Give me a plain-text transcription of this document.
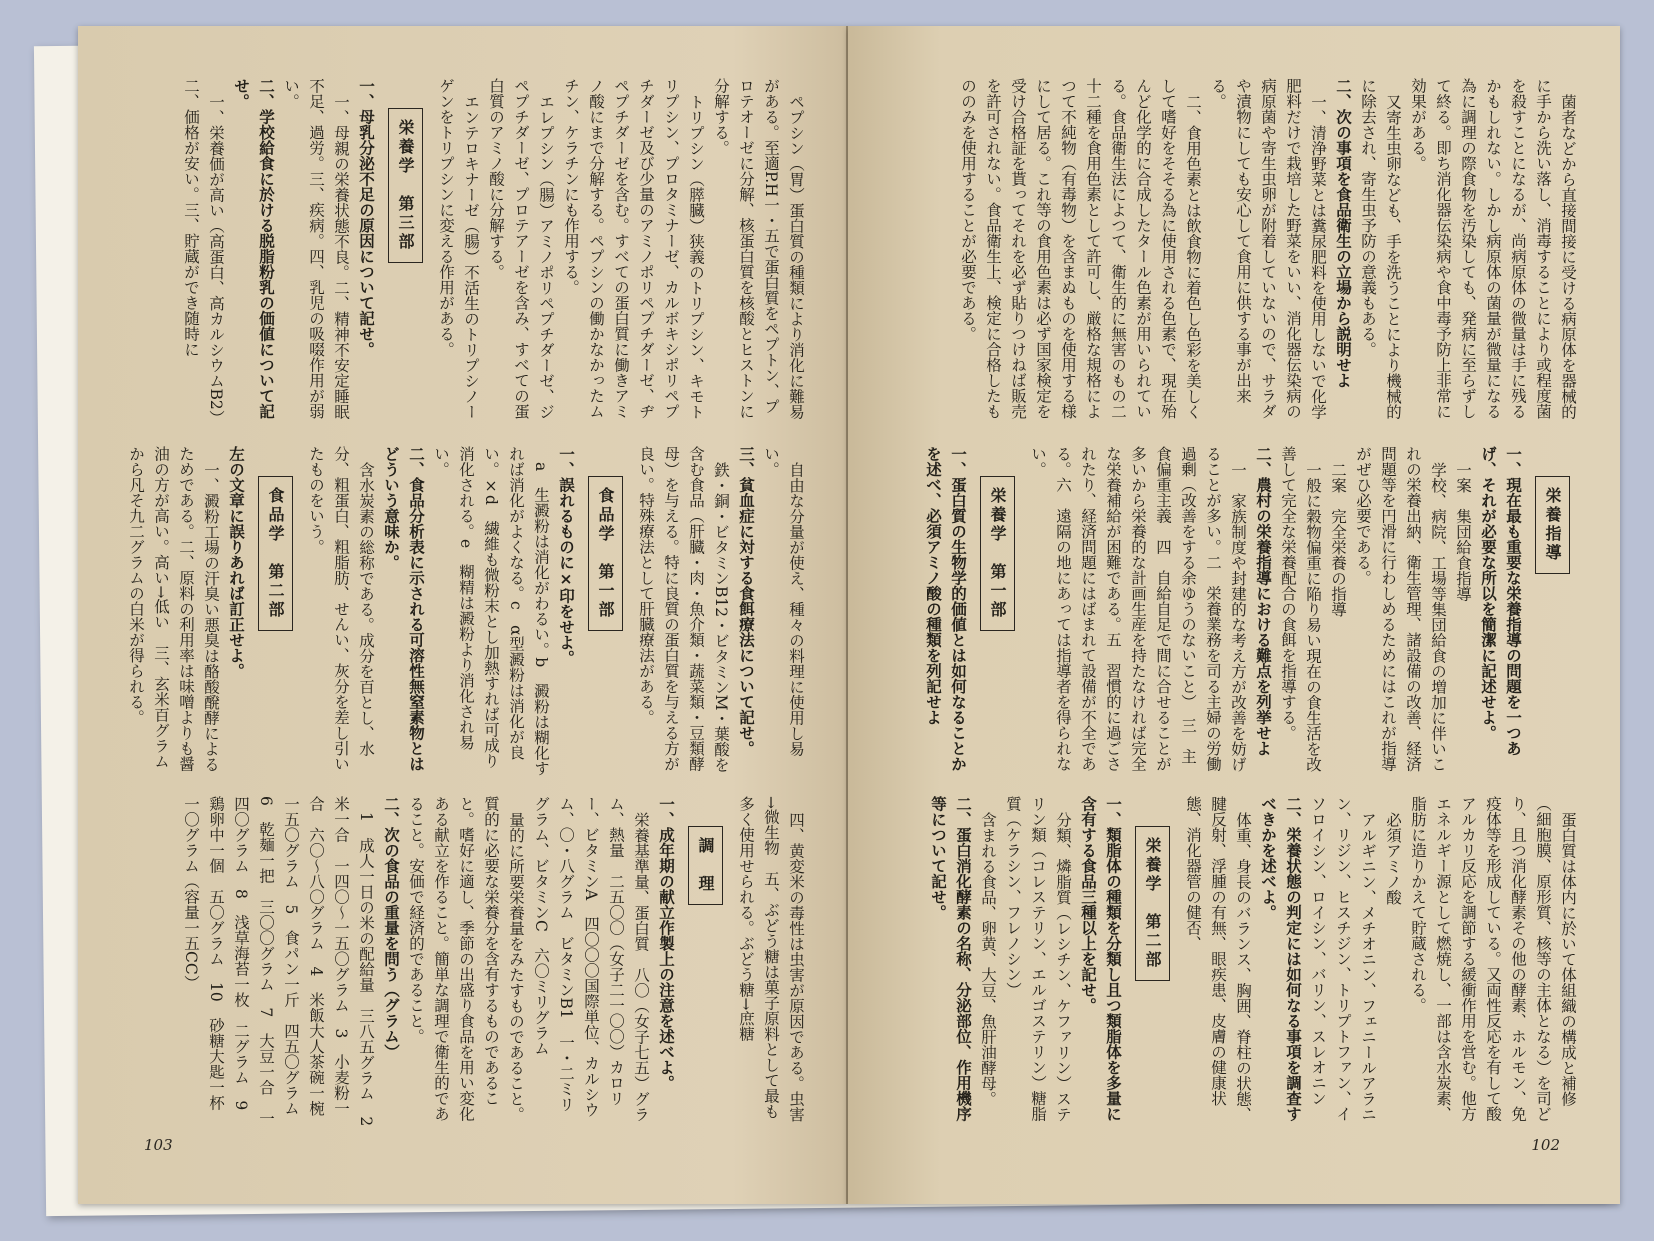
ペプシン（胃）蛋白質の種類により消化に難易がある。至適P.H一・五で蛋白質をペプトン、プロテオーゼに分解、核蛋白質を核酸とヒストンに分解する。

トリプシン（膵臓）狭義のトリプシン、キモトリプシン、プロタミナーゼ、カルボキシポリペプチダーゼ及び少量のアミノポリペプチダーゼ、ヂペプチダーゼを含む。すべての蛋白質に働きアミノ酸にまで分解する。ペプシンの働かなかったムチン、ケラチンにも作用する。

エレプシン（腸）アミノポリペプチダーゼ、ジペプチダーゼ、プロテアーゼを含み、すべての蛋白質のアミノ酸に分解する。

エンテロキナーゼ（腸）不活生のトリプシノーゲンをトリプシンに変える作用がある。

栄養学　第三部

一、母乳分泌不足の原因について記せ。

一、母親の栄養状態不良。二、精神不安定睡眠不足、過労。三、疾病。四、乳児の吸啜作用が弱い。

二、学校給食に於ける脱脂粉乳の価値について記せ。

一、栄養価が高い（高蛋白、高カルシウムB2）二、価格が安い。三、貯蔵ができ随時に

自由な分量が使え、種々の料理に使用し易い。

三、貧血症に対する食餌療法について記せ。

鉄・銅・ビタミンB12・ビタミンM・葉酸を含む食品（肝臓・肉・魚介類・蔬菜類・豆類酵母）を与える。特に良質の蛋白質を与える方が良い。特殊療法として肝臓療法がある。

食品学　第一部

一、誤れるものに×印をせよ。

a　生澱粉は消化がわるい。b　澱粉は糊化すれば消化がよくなる。c　α型澱粉は消化が良い。×d　繊維も微粉末とし加熱すれば可成り消化される。e　糊精は澱粉より消化され易い。

二、食品分析表に示される可溶性無窒素物とはどういう意味か。

含水炭素の総称である。成分を百とし、水分、粗蛋白、粗脂肪、せんい、灰分を差し引いたものをいう。

食品学　第二部

左の文章に誤りあれば訂正せよ。

一、澱粉工場の汗臭い悪臭は酪酸醗酵によるためである。二、原料の利用率は味噌よりも醤油の方が高い。高い→低い　三、玄米百グラムから凡そ九二グラムの白米が得られる。

四、黄変米の毒性は虫害が原因である。虫害→微生物　五、ぶどう糖は菓子原料として最も多く使用せられる。ぶどう糖→庶糖

調　理

一、成年期の献立作製上の注意を述べよ。

栄養基準量、蛋白質　八〇（女子七五）グラム、熱量　二五〇〇（女子二一〇〇）カロリー、ビタミンA　四〇〇〇国際単位、カルシウム、〇・八グラム　ビタミンB1　一・二ミリグラム、ビタミンC　六〇ミリグラム

量的に所要栄養量をみたすものであること。質的に必要な栄養分を含有するものであること。嗜好に適し、季節の出盛り食品を用い変化ある献立を作ること。簡単な調理で衛生的であること。安価で経済的であること。

二、次の食品の重量を問う（グラム）

1　成人一日の米の配給量　三八五グラム　2　米一合　一四〇～一五〇グラム　3　小麦粉一合　六〇～八〇グラム　4　米飯大人茶碗一椀　一五〇グラム　5　食パン一斤　四五〇グラム　6　乾麺一把　三〇〇グラム　7　大豆一合　一四〇グラム　8　浅草海苔一枚　二グラム　9　鶏卵中一個　五〇グラム　10　砂糖大匙一杯　一〇グラム（容量一五CC）

103

菌者などから直接間接に受ける病原体を器械的に手から洗い落し、消毒することにより或程度菌を殺すことになるが、尚病原体の微量は手に残るかもしれない。しかし病原体の菌量が微量になる為に調理の際食物を汚染しても、発病に至らずして終る。即ち消化器伝染病や食中毒予防上非常に効果がある。

又寄生虫卵なども、手を洗うことにより機械的に除去され、寄生虫予防の意義もある。

二、次の事項を食品衛生の立場から説明せよ

一、清浄野菜とは糞尿肥料を使用しないで化学肥料だけで栽培した野菜をいい、消化器伝染病の病原菌や寄生虫卵が附着していないので、サラダや漬物にしても安心して食用に供する事が出来る。

二、食用色素とは飲食物に着色し色彩を美しくして嗜好をそそる為に使用される色素で、現在殆んど化学的に合成したタール色素が用いられている。食品衛生法によつて、衛生的に無害のもの二十二種を食用色素として許可し、厳格な規格によつて不純物（有毒物）を含まぬものを使用する様にして居る。これ等の食用色素は必ず国家検定を受け合格証を貰ってそれを必ず貼りつけねば販売を許可されない。食品衛生上、検定に合格したもののみを使用することが必要である。

栄養指導

一、現在最も重要な栄養指導の問題を一つあげ、それが必要な所以を簡潔に記述せよ。

一案　集団給食指導

学校、病院、工場等集団給食の増加に伴いこれの栄養出納、衛生管理、諸設備の改善、経済問題等を円滑に行わしめるためにはこれが指導がぜひ必要である。

二案　完全栄養の指導

一般に穀物偏重に陥り易い現在の食生活を改善して完全な栄養配合の食餌を指導する。

二、農村の栄養指導における難点を列挙せよ

一　家族制度や封建的な考え方が改善を妨げることが多い。二　栄養業務を司る主婦の労働過剰（改善をする余ゆうのないこと）　三　主食偏重主義　四　自給自足で間に合せることが多いから栄養的な計画生産を持たなければ完全な栄養補給が困難である。五　習慣的に過ごされたり、経済問題にはばまれて設備が不全である。六　遠隔の地にあっては指導者を得られない。

栄養学　第一部

一、蛋白質の生物学的価値とは如何なることかを述べ、必須アミノ酸の種類を列記せよ

蛋白質は体内に於いて体組織の構成と補修（細胞膜、原形質、核等の主体となる）を司どり、且つ消化酵素その他の酵素、ホルモン、免疫体等を形成している。又両性反応を有して酸アルカリ反応を調節する緩衝作用を営む。他方エネルギー源として燃焼し、一部は含水炭素、脂肪に造りかえて貯蔵される。

必須アミノ酸

アルギニン、メチオニン、フェニールアラニン、リジン、ヒスチジン、トリプトファン、イソロイシン、ロイシン、バリン、スレオニン

二、栄養状態の判定には如何なる事項を調査すべきかを述べよ。

体重、身長のバランス、胸囲、脊柱の状態、腱反射、浮腫の有無、眼疾患、皮膚の健康状態、消化器管の健否、

栄養学　第二部

一、類脂体の種類を分類し且つ類脂体を多量に含有する食品三種以上を記せ。

分類、燐脂質（レシチン、ケファリン）ステリン類（コレステリン、エルゴステリン）糖脂質（ケラシン、フレノシン）

含まれる食品、卵黄、大豆、魚肝油酵母。

二、蛋白消化酵素の名称、分泌部位、作用機序等について記せ。

102
